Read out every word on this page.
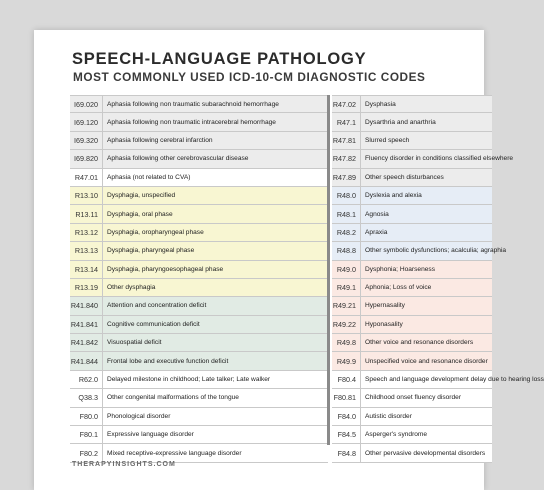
SPEECH-LANGUAGE PATHOLOGY
MOST COMMONLY USED ICD-10-CM DIAGNOSTIC CODES
I69.020	Aphasia following non traumatic subarachnoid hemorrhage
I69.120	Aphasia following non traumatic intracerebral hemorrhage
I69.320	Aphasia following cerebral infarction
I69.820	Aphasia following other cerebrovascular disease
R47.01	Aphasia (not related to CVA)
R13.10	Dysphagia, unspecified
R13.11	Dysphagia, oral phase
R13.12	Dysphagia, oropharyngeal phase
R13.13	Dysphagia, pharyngeal phase
R13.14	Dysphagia, pharyngoesophageal phase
R13.19	Other dysphagia
R41.840	Attention and concentration deficit
R41.841	Cognitive communication deficit
R41.842	Visuospatial deficit
R41.844	Frontal lobe and executive function deficit
R62.0	Delayed milestone in childhood; Late talker; Late walker
Q38.3	Other congenital malformations of the tongue
F80.0	Phonological disorder
F80.1	Expressive language disorder
F80.2	Mixed receptive-expressive language disorder
R47.02	Dysphasia
R47.1	Dysarthria and anarthria
R47.81	Slurred speech
R47.82	Fluency disorder in conditions classified elsewhere
R47.89	Other speech disturbances
R48.0	Dyslexia and alexia
R48.1	Agnosia
R48.2	Apraxia
R48.8	Other symbolic dysfunctions; acalculia; agraphia
R49.0	Dysphonia; Hoarseness
R49.1	Aphonia; Loss of voice
R49.21	Hypernasality
R49.22	Hyponasality
R49.8	Other voice and resonance disorders
R49.9	Unspecified voice and resonance disorder
F80.4	Speech and language development delay due to hearing loss
F80.81	Childhood onset fluency disorder
F84.0	Autistic disorder
F84.5	Asperger's syndrome
F84.8	Other pervasive developmental disorders
THERAPYINSIGHTS.COM
